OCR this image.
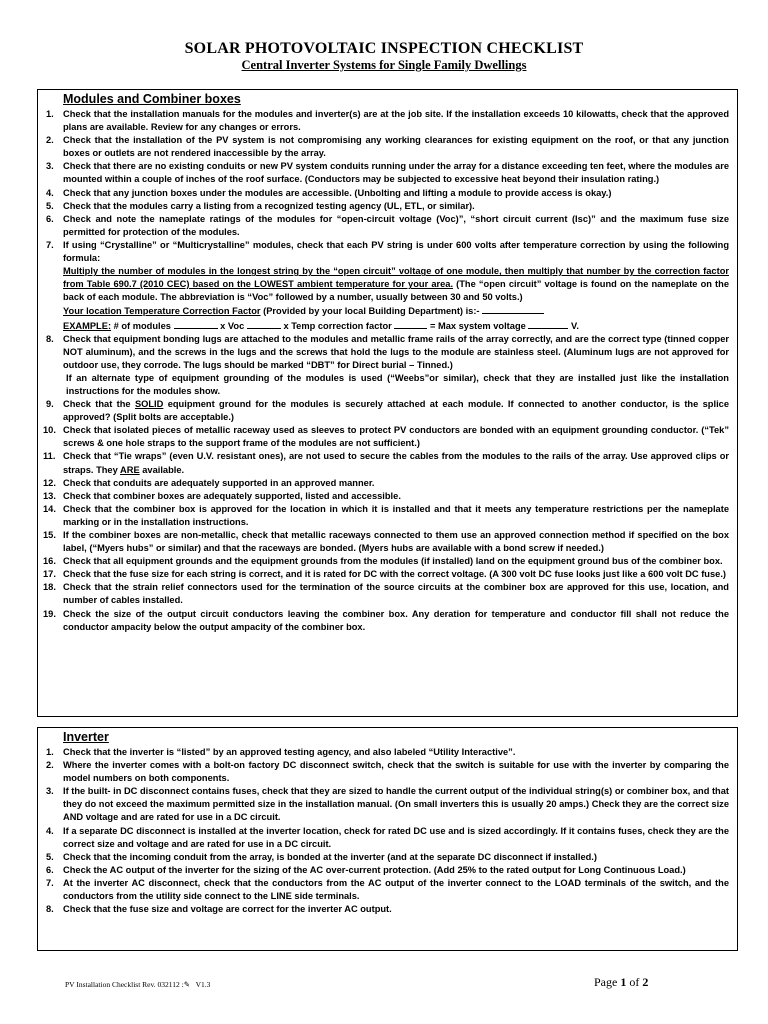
SOLAR PHOTOVOLTAIC INSPECTION CHECKLIST
Central Inverter Systems for Single Family Dwellings
Modules and Combiner boxes
1. Check that the installation manuals for the modules and inverter(s) are at the job site. If the installation exceeds 10 kilowatts, check that the approved plans are available. Review for any changes or errors.
2. Check that the installation of the PV system is not compromising any working clearances for existing equipment on the roof, or that any junction boxes or outlets are not rendered inaccessible by the array.
3. Check that there are no existing conduits or new PV system conduits running under the array for a distance exceeding ten feet, where the modules are mounted within a couple of inches of the roof surface. (Conductors may be subjected to excessive heat beyond their insulation rating.)
4. Check that any junction boxes under the modules are accessible. (Unbolting and lifting a module to provide access is okay.)
5. Check that the modules carry a listing from a recognized testing agency (UL, ETL, or similar).
6. Check and note the nameplate ratings of the modules for “open-circuit voltage (Voc)”, “short circuit current (Isc)” and the maximum fuse size permitted for protection of the modules.
7. If using “Crystalline” or “Multicrystalline” modules, check that each PV string is under 600 volts after temperature correction by using the following formula:
Multiply the number of modules in the longest string by the “open circuit” voltage of one module, then multiply that number by the correction factor from Table 690.7 (2010 CEC) based on the LOWEST ambient temperature for your area. (The “open circuit” voltage is found on the nameplate on the back of each module. The abbreviation is “Voc” followed by a number, usually between 30 and 50 volts.)
Your location Temperature Correction Factor (Provided by your local Building Department) is:-
EXAMPLE: # of modules	x Voc	x Temp correction factor	= Max system voltage	V.
8. Check that equipment bonding lugs are attached to the modules and metallic frame rails of the array correctly, and are the correct type (tinned copper NOT aluminum), and the screws in the lugs and the screws that hold the lugs to the module are stainless steel. (Aluminum lugs are not approved for outdoor use, they corrode. The lugs should be marked “DBT” for Direct burial – Tinned.)
If an alternate type of equipment grounding of the modules is used (“Weebs”or similar), check that they are installed just like the installation instructions for the modules show.
9. Check that the SOLID equipment ground for the modules is securely attached at each module. If connected to another conductor, is the splice approved? (Split bolts are acceptable.)
10. Check that isolated pieces of metallic raceway used as sleeves to protect PV conductors are bonded with an equipment grounding conductor. (“Tek” screws & one hole straps to the support frame of the modules are not sufficient.)
11. Check that “Tie wraps” (even U.V. resistant ones), are not used to secure the cables from the modules to the rails of the array. Use approved clips or straps. They ARE available.
12. Check that conduits are adequately supported in an approved manner.
13. Check that combiner boxes are adequately supported, listed and accessible.
14. Check that the combiner box is approved for the location in which it is installed and that it meets any temperature restrictions per the nameplate marking or in the installation instructions.
15. If the combiner boxes are non-metallic, check that metallic raceways connected to them use an approved connection method if specified on the box label, (“Myers hubs” or similar) and that the raceways are bonded. (Myers hubs are available with a bond screw if needed.)
16. Check that all equipment grounds and the equipment grounds from the modules (if installed) land on the equipment ground bus of the combiner box.
17. Check that the fuse size for each string is correct, and it is rated for DC with the correct voltage. (A 300 volt DC fuse looks just like a 600 volt DC fuse.)
18. Check that the strain relief connectors used for the termination of the source circuits at the combiner box are approved for this use, location, and number of cables installed.
19. Check the size of the output circuit conductors leaving the combiner box. Any deration for temperature and conductor fill shall not reduce the conductor ampacity below the output ampacity of the combiner box.
Inverter
1. Check that the inverter is “listed” by an approved testing agency, and also labeled “Utility Interactive”.
2. Where the inverter comes with a bolt-on factory DC disconnect switch, check that the switch is suitable for use with the inverter by comparing the model numbers on both components.
3. If the built- in DC disconnect contains fuses, check that they are sized to handle the current output of the individual string(s) or combiner box, and that they do not exceed the maximum permitted size in the installation manual. (On small inverters this is usually 20 amps.) Check they are the correct size AND voltage and are rated for use in a DC circuit.
4. If a separate DC disconnect is installed at the inverter location, check for rated DC use and is sized accordingly. If it contains fuses, check they are the correct size and voltage and are rated for use in a DC circuit.
5. Check that the incoming conduit from the array, is bonded at the inverter (and at the separate DC disconnect if installed.)
6. Check the AC output of the inverter for the sizing of the AC over-current protection. (Add 25% to the rated output for Long Continuous Load.)
7. At the inverter AC disconnect, check that the conductors from the AC output of the inverter connect to the LOAD terminals of the switch, and the conductors from the utility side connect to the LINE side terminals.
8. Check that the fuse size and voltage are correct for the inverter AC output.
PV Installation Checklist Rev. 032112 :✎ V1.3	Page 1 of 2
